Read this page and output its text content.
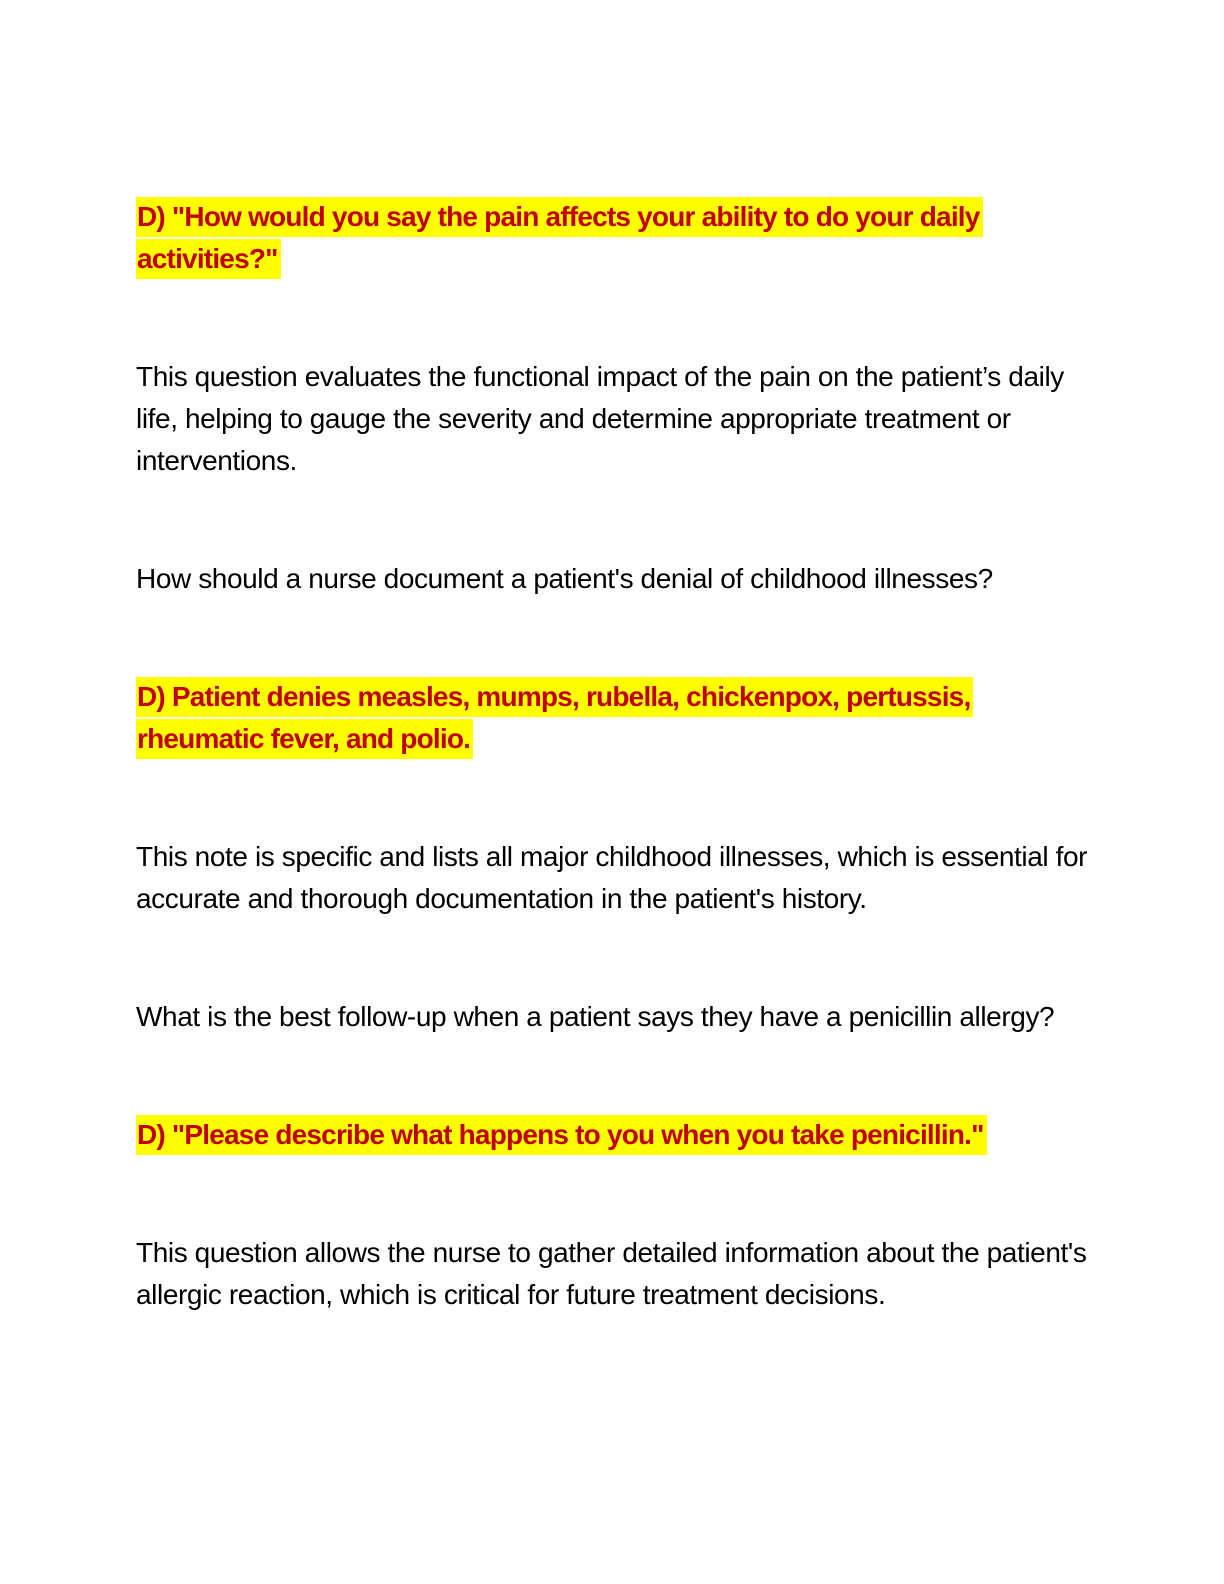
D) "How would you say the pain affects your ability to do your daily activities?"

This question evaluates the functional impact of the pain on the patient’s daily life, helping to gauge the severity and determine appropriate treatment or interventions.

How should a nurse document a patient's denial of childhood illnesses?

D) Patient denies measles, mumps, rubella, chickenpox, pertussis, rheumatic fever, and polio.

This note is specific and lists all major childhood illnesses, which is essential for accurate and thorough documentation in the patient's history.

What is the best follow-up when a patient says they have a penicillin allergy?

D) "Please describe what happens to you when you take penicillin."

This question allows the nurse to gather detailed information about the patient's allergic reaction, which is critical for future treatment decisions.
